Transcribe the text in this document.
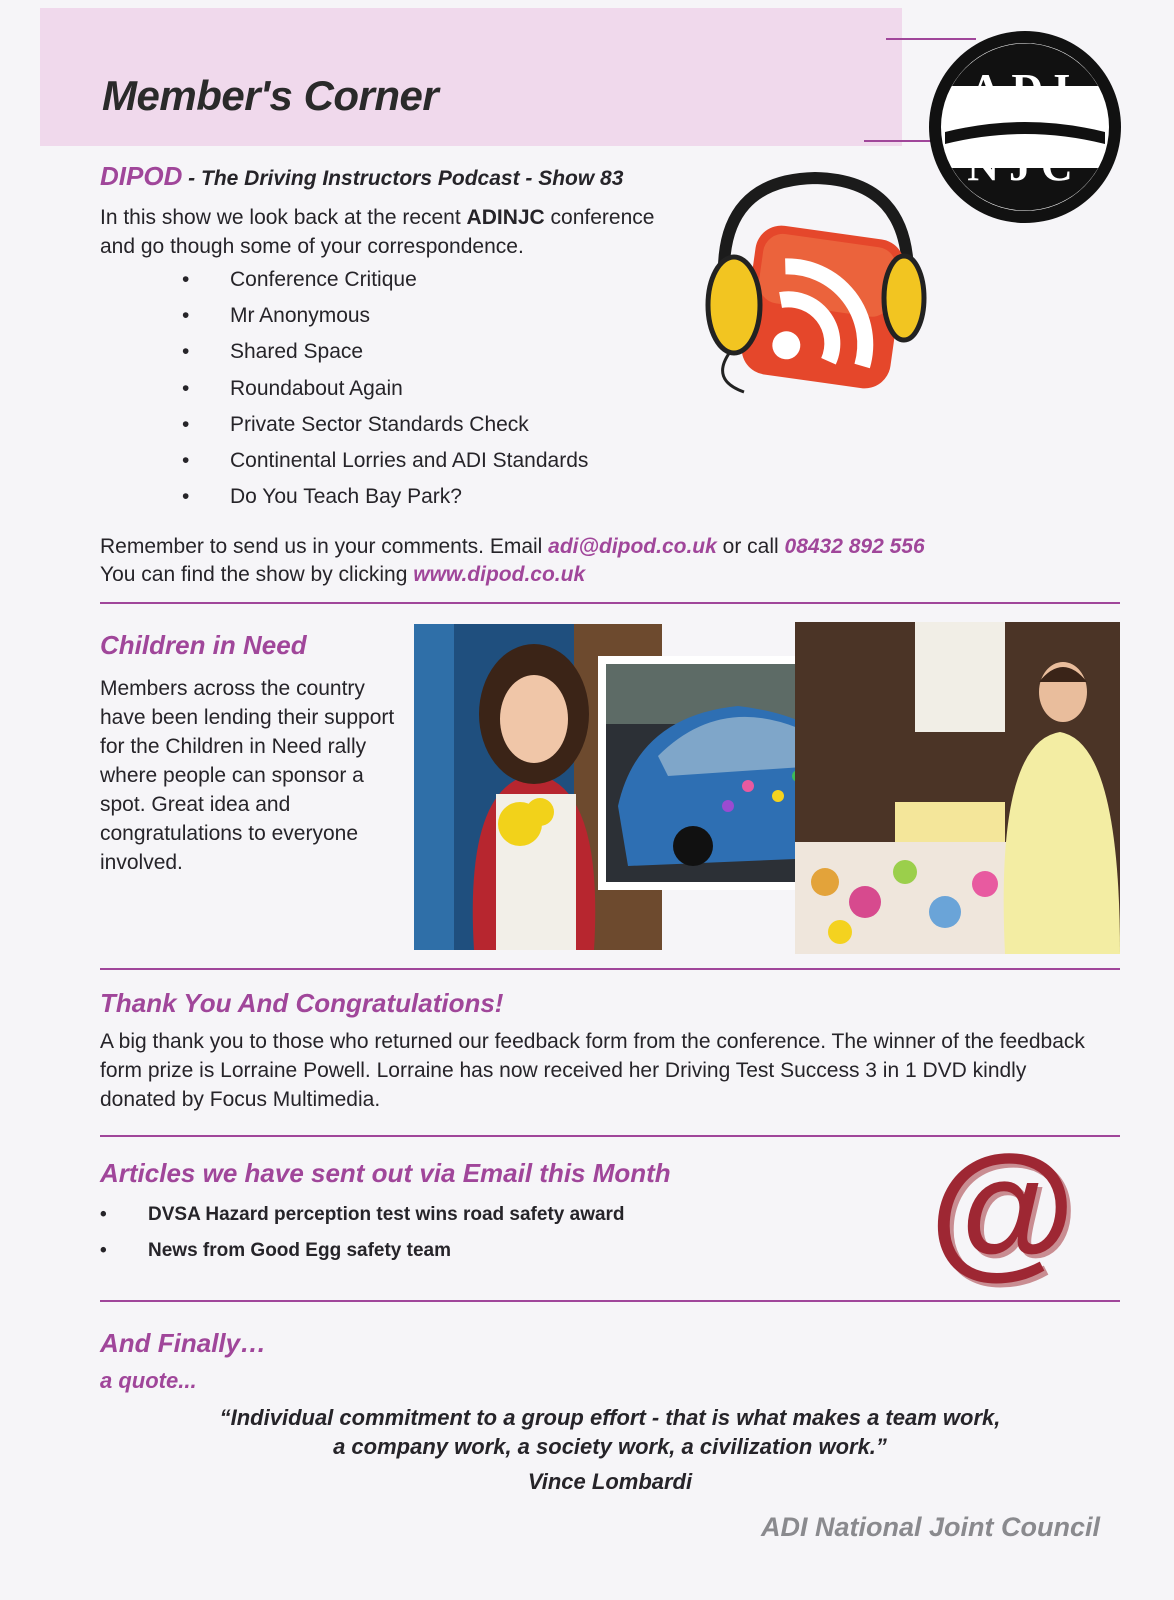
Member's Corner	ADI
NJC
DIPOD - The Driving Instructors Podcast - Show 83
In this show we look back at the recent ADINJC conference
and go though some of your correspondence.
• Conference Critique
• Mr Anonymous
• Shared Space
• Roundabout Again
• Private Sector Standards Check
• Continental Lorries and ADI Standards
• Do You Teach Bay Park?
Remember to send us in your comments. Email adi@dipod.co.uk or call 08432 892 556
You can find the show by clicking www.dipod.co.uk
Children in Need
Members across the country have been lending their support for the Children in Need rally where people can sponsor a spot. Great idea and congratulations to everyone involved.
Thank You And Congratulations!
A big thank you to those who returned our feedback form from the conference. The winner of the feedback form prize is Lorraine Powell. Lorraine has now received her Driving Test Success 3 in 1 DVD kindly donated by Focus Multimedia.
Articles we have sent out via Email this Month
• DVSA Hazard perception test wins road safety award
• News from Good Egg safety team	@
And Finally…
a quote...
“Individual commitment to a group effort - that is what makes a team work,
a company work, a society work, a civilization work.”
Vince Lombardi
ADI National Joint Council
